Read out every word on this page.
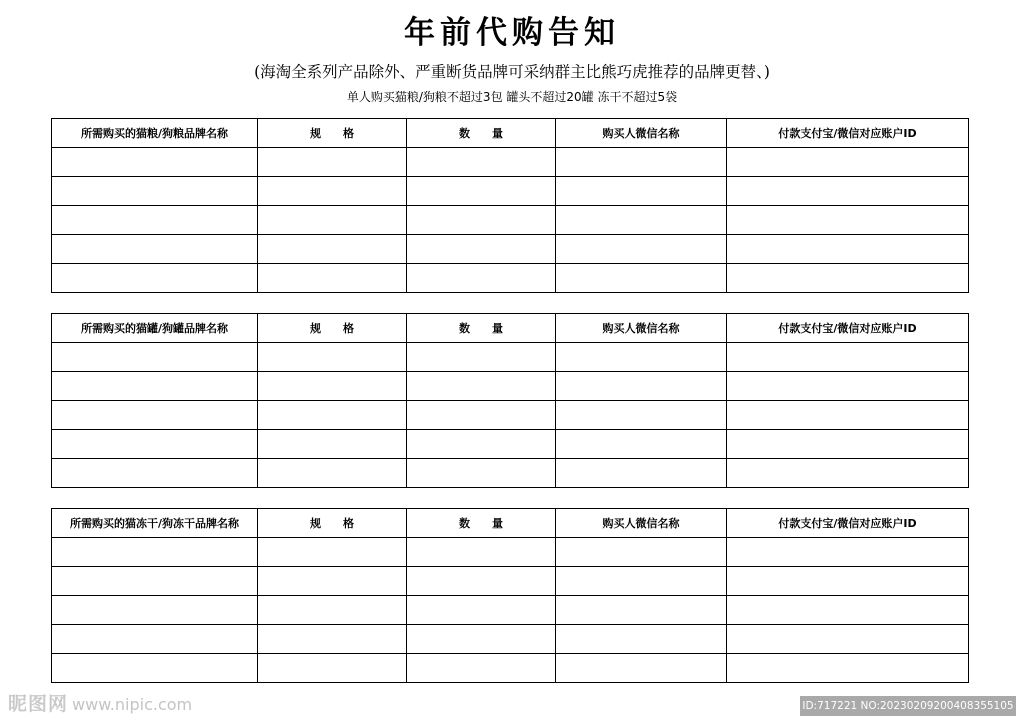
年前代购告知
(海淘全系列产品除外、严重断货品牌可采纳群主比熊巧虎推荐的品牌更替、)
单人购买猫粮/狗粮不超过3包 罐头不超过20罐 冻干不超过5袋
所需购买的猫粮/狗粮品牌名称	规　　格	数　　量	购买人微信名称	付款支付宝/微信对应账户ID

所需购买的猫罐/狗罐品牌名称	规　　格	数　　量	购买人微信名称	付款支付宝/微信对应账户ID

所需购买的猫冻干/狗冻干品牌名称	规　　格	数　　量	购买人微信名称	付款支付宝/微信对应账户ID

昵图网 www.nipic.com	ID:717221 NO:20230209200408355105
